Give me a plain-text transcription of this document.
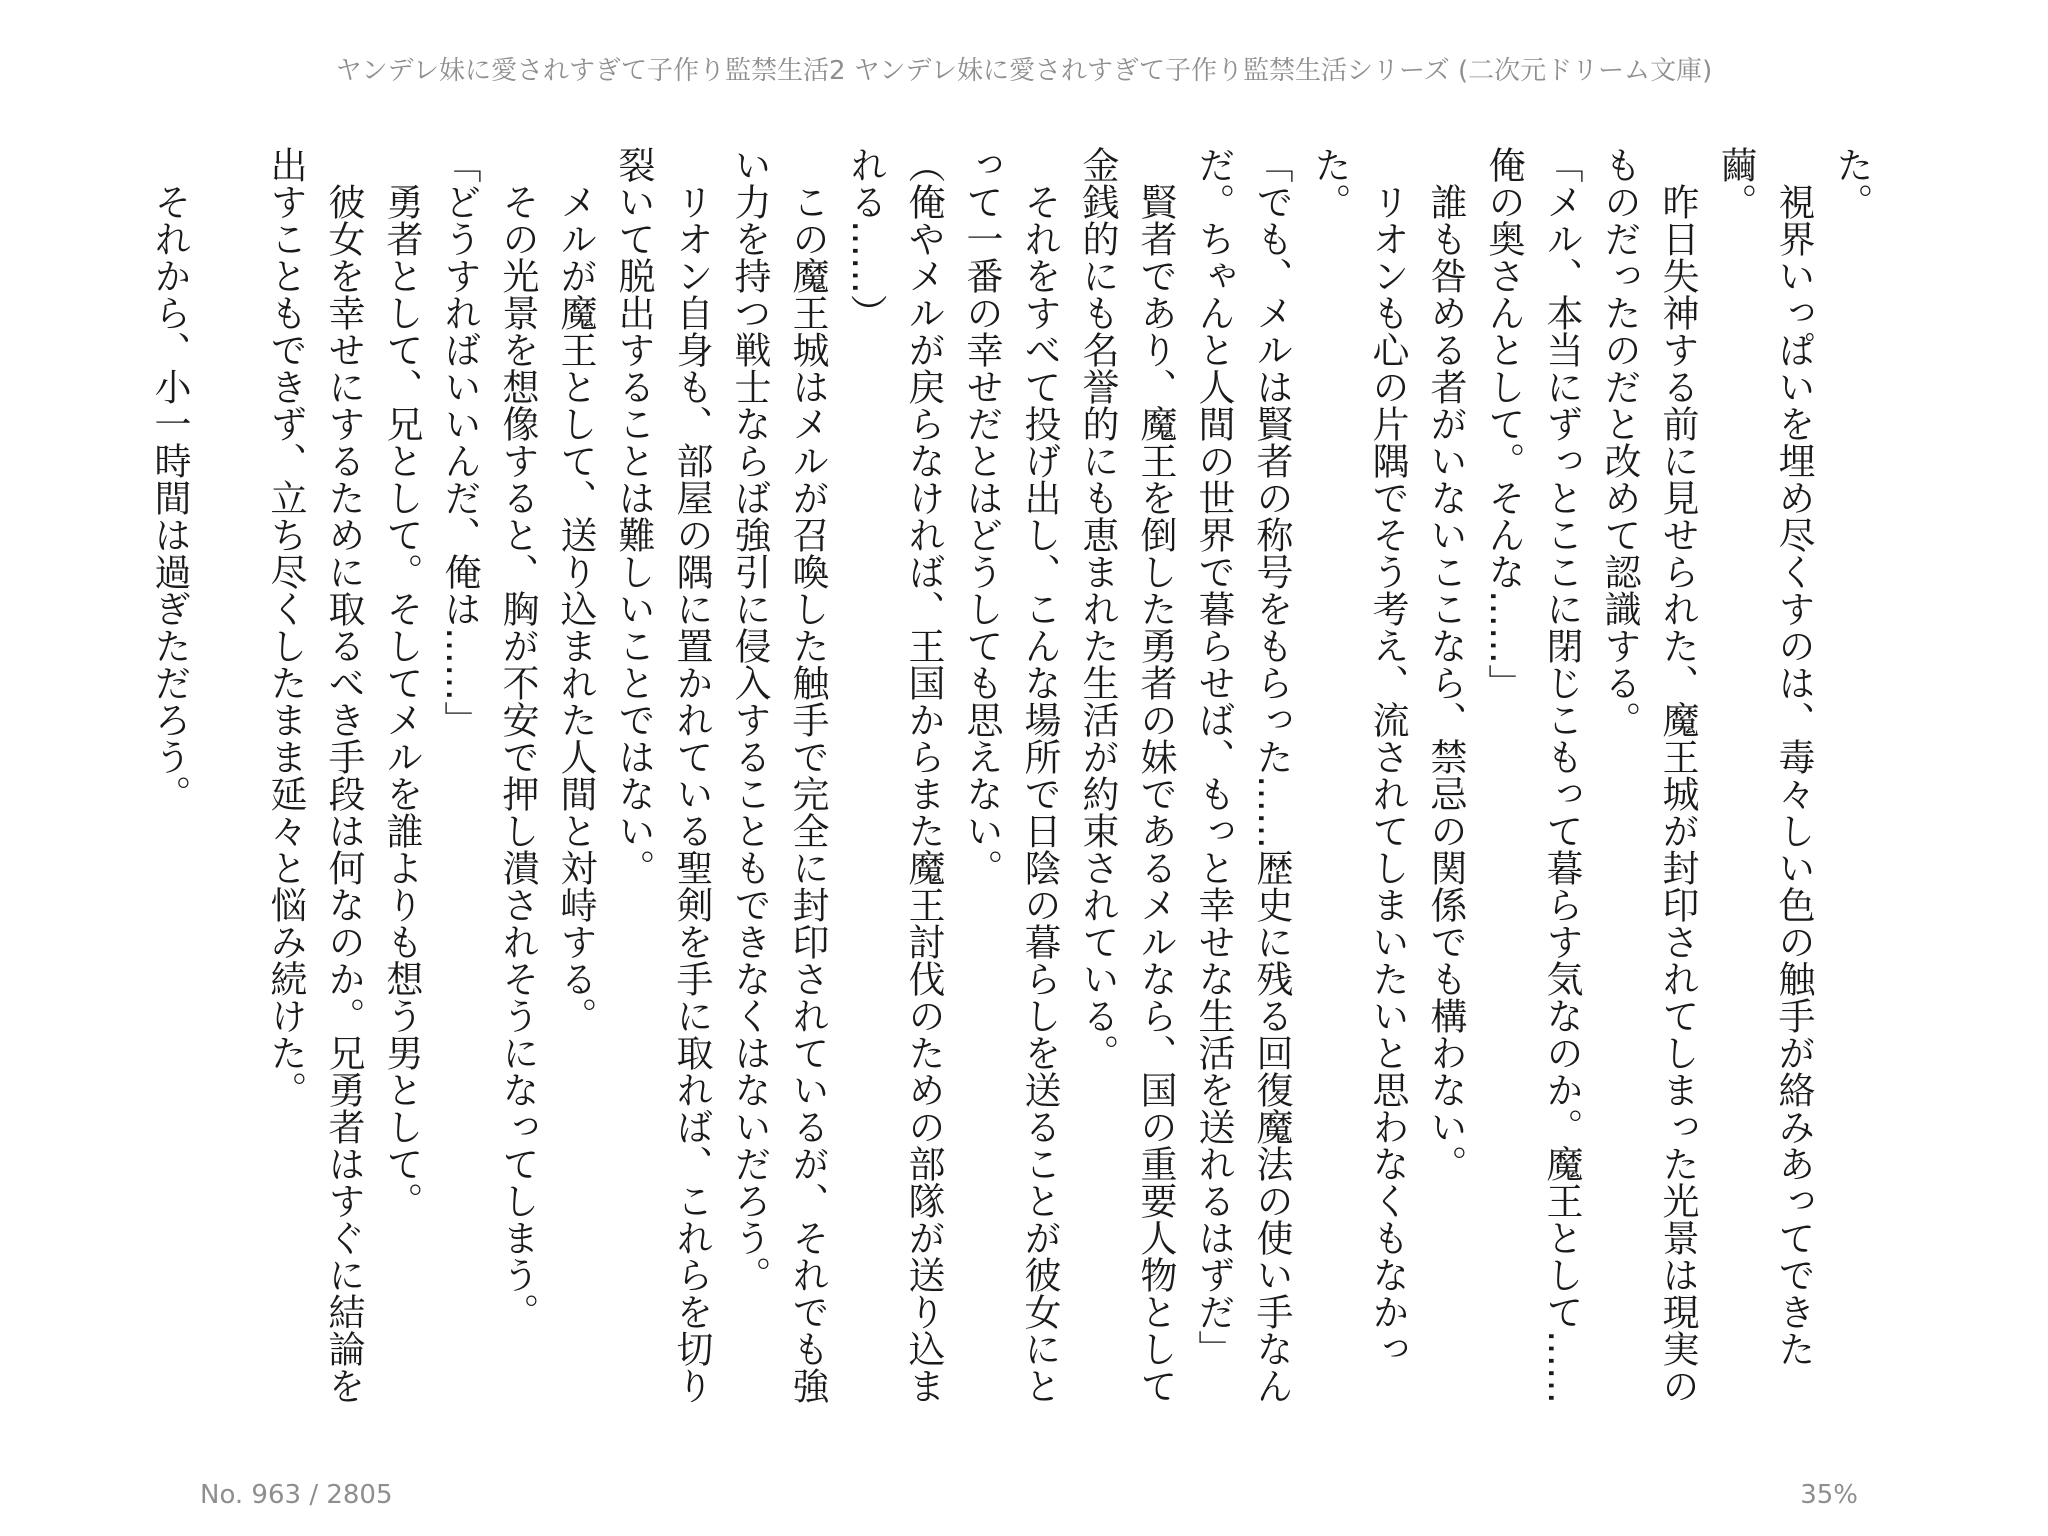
ヤンデレ妹に愛されすぎて子作り監禁生活2 ヤンデレ妹に愛されすぎて子作り監禁生活シリーズ (二次元ドリーム文庫)

た。

　視界いっぱいを埋め尽くすのは、毒々しい色の触手が絡みあってできた繭。

　昨日失神する前に見せられた、魔王城が封印されてしまった光景は現実のものだったのだと改めて認識する。

「メル、本当にずっとここに閉じこもって暮らす気なのか。魔王として……俺の奥さんとして。そんな……」

　誰も咎める者がいないここなら、禁忌の関係でも構わない。

　リオンも心の片隅でそう考え、流されてしまいたいと思わなくもなかった。

「でも、メルは賢者の称号をもらった……歴史に残る回復魔法の使い手なんだ。ちゃんと人間の世界で暮らせば、もっと幸せな生活を送れるはずだ」

　賢者であり、魔王を倒した勇者の妹であるメルなら、国の重要人物として金銭的にも名誉的にも恵まれた生活が約束されている。

　それをすべて投げ出し、こんな場所で日陰の暮らしを送ることが彼女にとって一番の幸せだとはどうしても思えない。

（俺やメルが戻らなければ、王国からまた魔王討伐のための部隊が送り込まれる……）

　この魔王城はメルが召喚した触手で完全に封印されているが、それでも強い力を持つ戦士ならば強引に侵入することもできなくはないだろう。

　リオン自身も、部屋の隅に置かれている聖剣を手に取れば、これらを切り裂いて脱出することは難しいことではない。

　メルが魔王として、送り込まれた人間と対峙する。

　その光景を想像すると、胸が不安で押し潰されそうになってしまう。

「どうすればいいんだ、俺は……」

　勇者として、兄として。そしてメルを誰よりも想う男として。

　彼女を幸せにするために取るべき手段は何なのか。兄勇者はすぐに結論を出すこともできず、立ち尽くしたまま延々と悩み続けた。

　それから、小一時間は過ぎただろう。

No. 963 / 2805	35%
